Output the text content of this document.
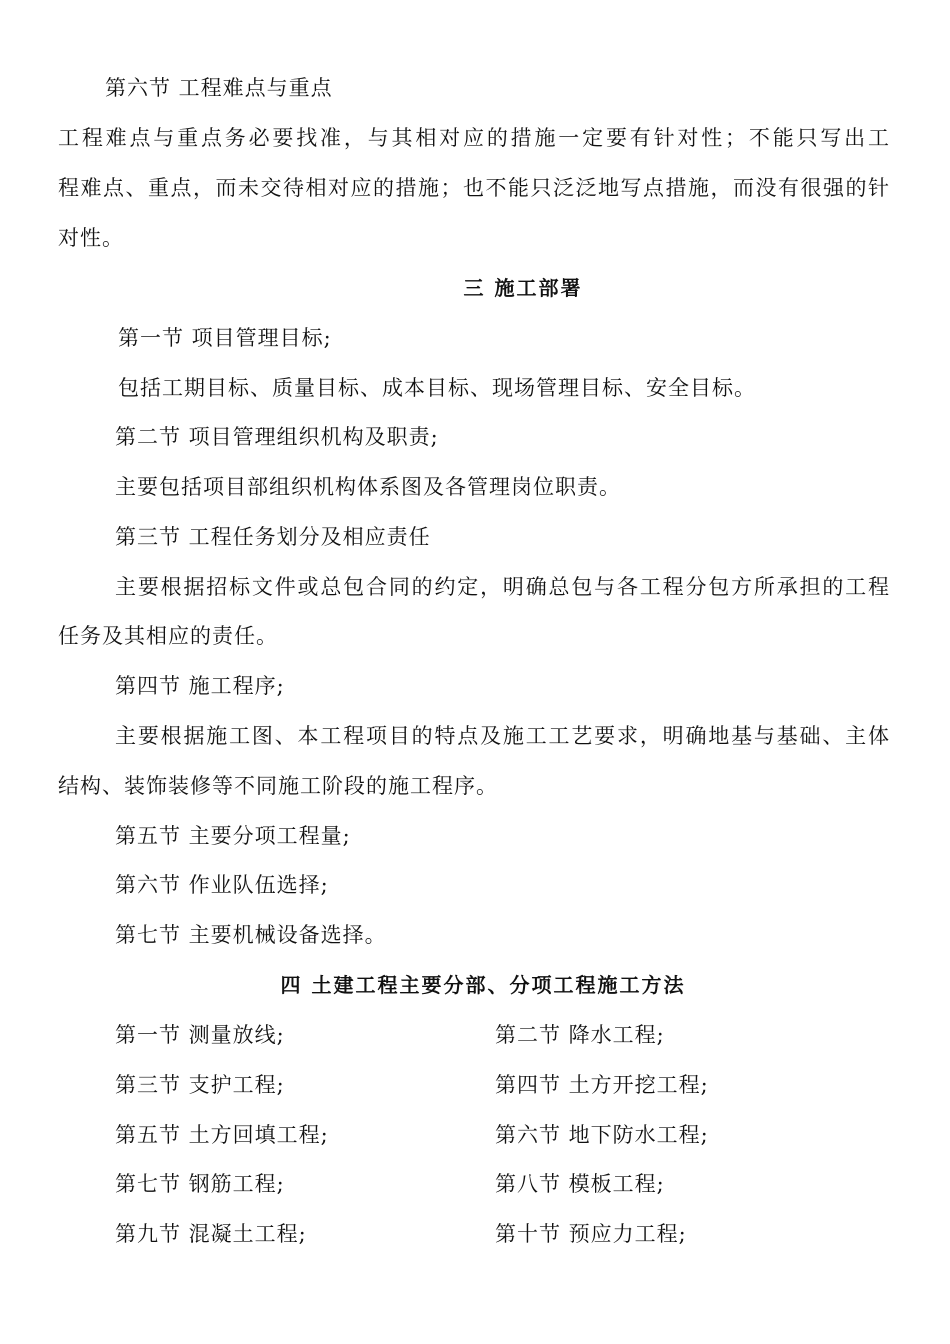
第六节 工程难点与重点
工程难点与重点务必要找准，与其相对应的措施一定要有针对性；不能只写出工
程难点、重点，而未交待相对应的措施；也不能只泛泛地写点措施，而没有很强的针
对性。
三 施工部署
第一节 项目管理目标;
包括工期目标、质量目标、成本目标、现场管理目标、安全目标。
第二节 项目管理组织机构及职责;
主要包括项目部组织机构体系图及各管理岗位职责。
第三节 工程任务划分及相应责任
主要根据招标文件或总包合同的约定，明确总包与各工程分包方所承担的工程
任务及其相应的责任。
第四节 施工程序;
主要根据施工图、本工程项目的特点及施工工艺要求，明确地基与基础、主体
结构、装饰装修等不同施工阶段的施工程序。
第五节 主要分项工程量;
第六节 作业队伍选择;
第七节 主要机械设备选择。
四 土建工程主要分部、分项工程施工方法
第一节 测量放线;	第二节 降水工程;
第三节 支护工程;	第四节 土方开挖工程;
第五节 土方回填工程;	第六节 地下防水工程;
第七节 钢筋工程;	第八节 模板工程;
第九节 混凝土工程;	第十节 预应力工程;
